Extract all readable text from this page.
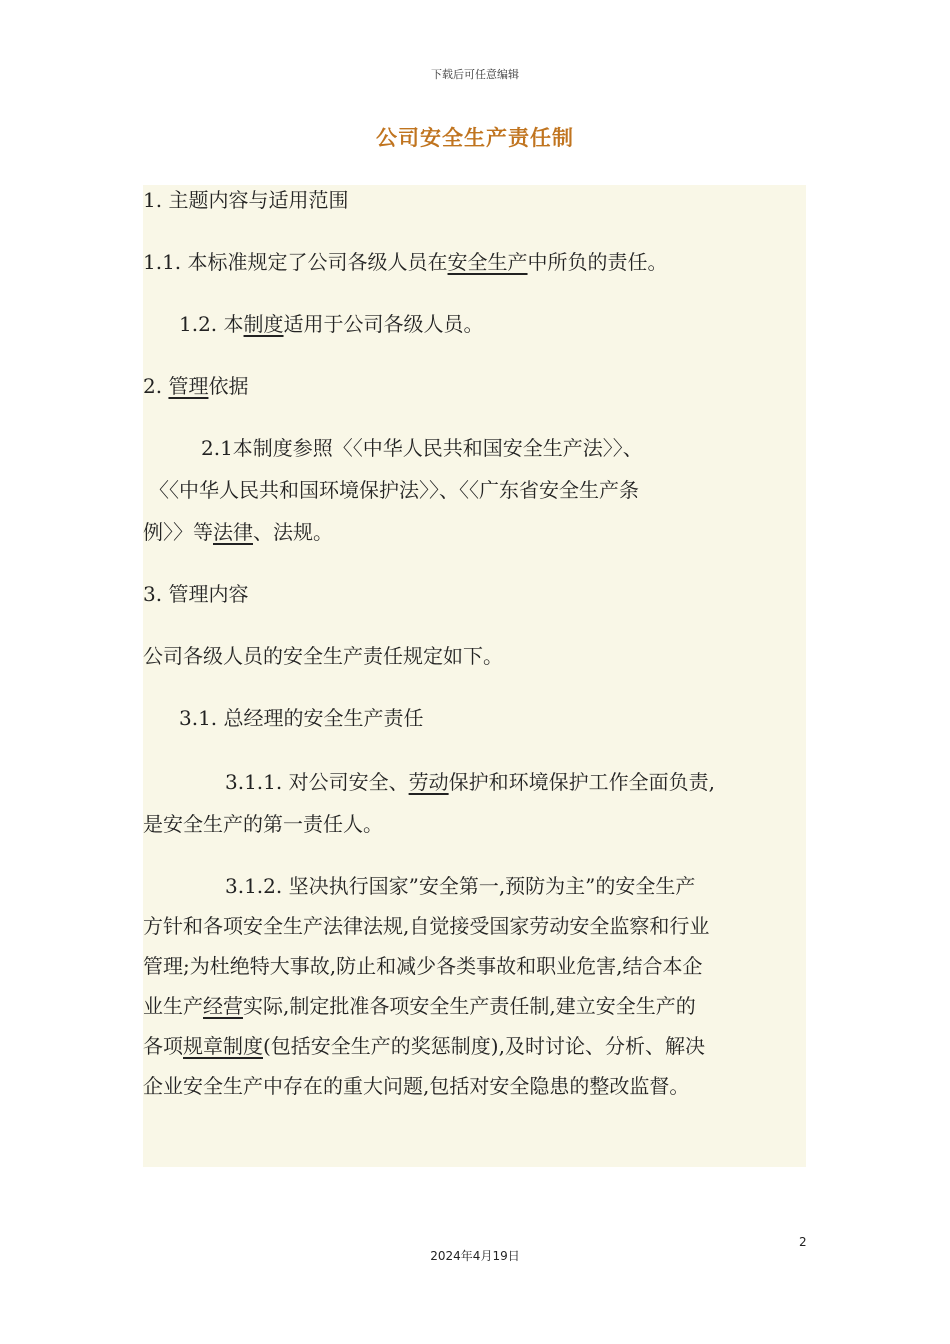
下载后可任意编辑
公司安全生产责任制
1. 主题内容与适用范围
1.1. 本标准规定了公司各级人员在安全生产中所负的责任。
1.2. 本制度适用于公司各级人员。
2. 管理依据
2.1本制度参照〈〈中华人民共和国安全生产法〉〉、
〈〈中华人民共和国环境保护法〉〉、〈〈广东省安全生产条
例〉〉等法律、法规。
3. 管理内容
公司各级人员的安全生产责任规定如下。
3.1. 总经理的安全生产责任
3.1.1. 对公司安全、劳动保护和环境保护工作全面负责,
是安全生产的第一责任人。
3.1.2. 坚决执行国家”安全第一,预防为主”的安全生产
方针和各项安全生产法律法规,自觉接受国家劳动安全监察和行业
管理;为杜绝特大事故,防止和减少各类事故和职业危害,结合本企
业生产经营实际,制定批准各项安全生产责任制,建立安全生产的
各项规章制度(包括安全生产的奖惩制度),及时讨论、分析、解决
企业安全生产中存在的重大问题,包括对安全隐患的整改监督。
2
2024年4月19日
